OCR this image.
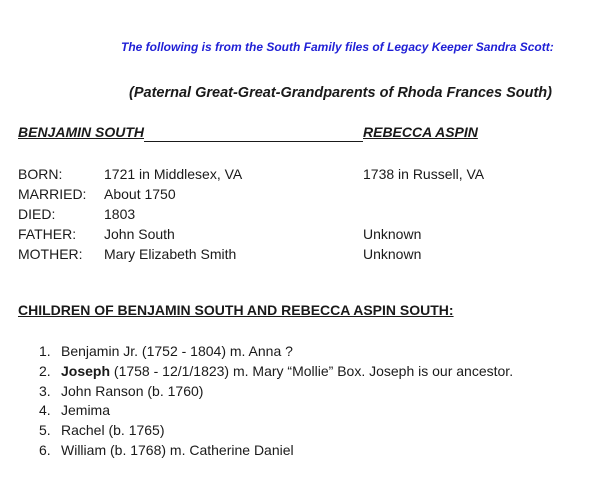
The following is from the South Family files of Legacy Keeper Sandra Scott:
(Paternal Great-Great-Grandparents of Rhoda Frances South)
BENJAMIN SOUTH	REBECCA ASPIN
BORN:	1721 in Middlesex, VA	1738 in Russell, VA
MARRIED: About 1750
DIED:	1803
FATHER: John South	Unknown
MOTHER: Mary Elizabeth Smith	Unknown
CHILDREN OF BENJAMIN SOUTH AND REBECCA ASPIN SOUTH:
1. Benjamin Jr. (1752 - 1804) m. Anna ?
2. Joseph (1758 - 12/1/1823) m. Mary “Mollie” Box. Joseph is our ancestor.
3. John Ranson (b. 1760)
4. Jemima
5. Rachel (b. 1765)
6. William (b. 1768) m. Catherine Daniel
